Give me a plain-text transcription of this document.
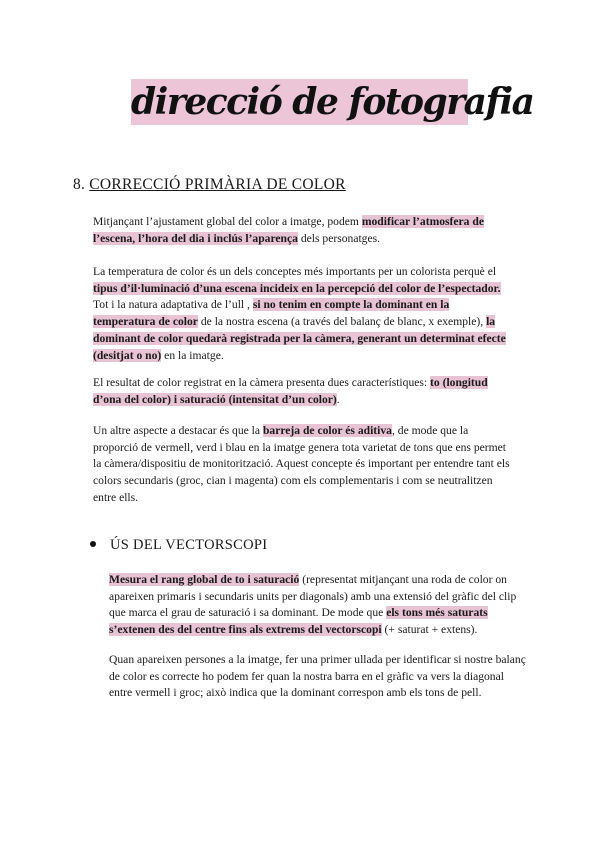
direcció de fotografia
8. CORRECCIÓ PRIMÀRIA DE COLOR

Mitjançant l’ajustament global del color a imatge, podem modificar l’atmosfera de l’escena, l’hora del dia i inclús l’aparença dels personatges.

La temperatura de color és un dels conceptes més importants per un colorista perquè el tipus d’il·luminació d’una escena incideix en la percepció del color de l’espectador. Tot i la natura adaptativa de l’ull , si no tenim en compte la dominant en la temperatura de color de la nostra escena (a través del balanç de blanc, x exemple), la dominant de color quedarà registrada per la càmera, generant un determinat efecte (desitjat o no) en la imatge.

El resultat de color registrat en la càmera presenta dues característiques: to (longitud d’ona del color) i saturació (intensitat d’un color).

Un altre aspecte a destacar és que la barreja de color és aditiva, de mode que la proporció de vermell, verd i blau en la imatge genera tota varietat de tons que ens permet la càmera/dispositiu de monitorització. Aquest concepte és important per entendre tant els colors secundaris (groc, cian i magenta) com els complementaris i com se neutralitzen entre ells.

ÚS DEL VECTORSCOPI

Mesura el rang global de to i saturació (representat mitjançant una roda de color on apareixen primaris i secundaris units per diagonals) amb una extensió del gràfic del clip que marca el grau de saturació i sa dominant. De mode que els tons més saturats s’extenen des del centre fins als extrems del vectorscopi (+ saturat + extens).

Quan apareixen persones a la imatge, fer una primer ullada per identificar si nostre balanç de color es correcte ho podem fer quan la nostra barra en el gràfic va vers la diagonal entre vermell i groc; això indica que la dominant correspon amb els tons de pell.
